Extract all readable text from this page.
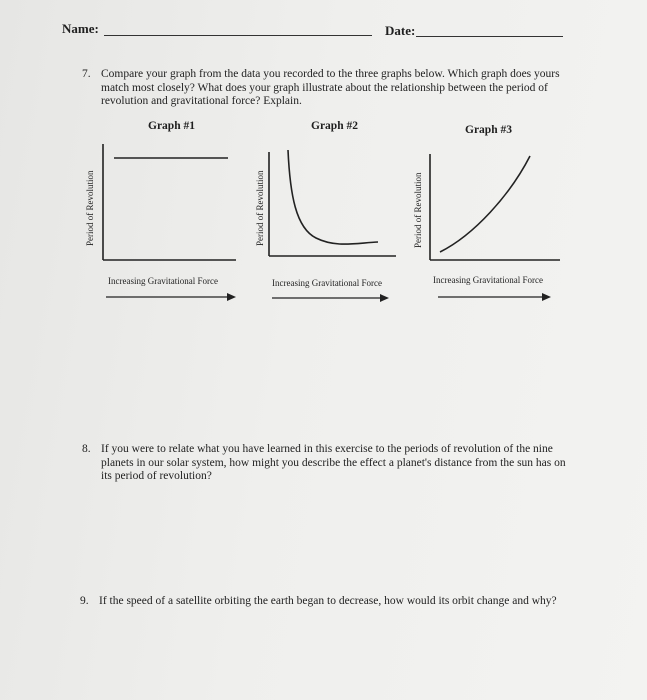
Name:	Date:
7. Compare your graph from the data you recorded to the three graphs below. Which graph does yours match most closely? What does your graph illustrate about the relationship between the period of revolution and gravitational force? Explain.
Graph #1	Graph #2	Graph #3
Period of Revolution
Increasing Gravitational Force
Period of Revolution
Increasing Gravitational Force
Period of Revolution
Increasing Gravitational Force
8. If you were to relate what you have learned in this exercise to the periods of revolution of the nine planets in our solar system, how might you describe the effect a planet's distance from the sun has on its period of revolution?
9. If the speed of a satellite orbiting the earth began to decrease, how would its orbit change and why?
